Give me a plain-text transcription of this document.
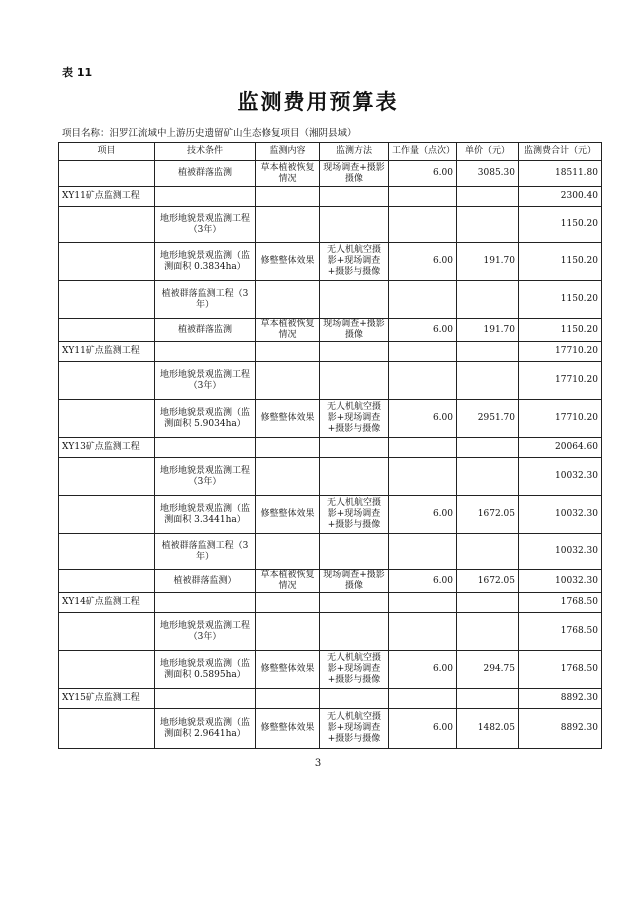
表 11
监测费用预算表
项目名称：汨罗江流域中上游历史遗留矿山生态修复项目（湘阴县域）
项目	技术条件	监测内容	监测方法	工作量（点次）	单价（元）	监测费合计（元）
	植被群落监测	草本植被恢复情况	现场调查+摄影摄像	6.00	3085.30	18511.80
XY11矿点监测工程						2300.40
	地形地貌景观监测工程（3年）					1150.20
	地形地貌景观监测（监测面积 0.3834ha）	修整整体效果	无人机航空摄影+现场调查+摄影与摄像	6.00	191.70	1150.20
	植被群落监测工程（3年）					1150.20
	植被群落监测	草本植被恢复情况	现场调查+摄影摄像	6.00	191.70	1150.20
XY11矿点监测工程						17710.20
	地形地貌景观监测工程（3年）					17710.20
	地形地貌景观监测（监测面积 5.9034ha）	修整整体效果	无人机航空摄影+现场调查+摄影与摄像	6.00	2951.70	17710.20
XY13矿点监测工程						20064.60
	地形地貌景观监测工程（3年）					10032.30
	地形地貌景观监测（监测面积 3.3441ha）	修整整体效果	无人机航空摄影+现场调查+摄影与摄像	6.00	1672.05	10032.30
	植被群落监测工程（3年）					10032.30
	植被群落监测）	草本植被恢复情况	现场调查+摄影摄像	6.00	1672.05	10032.30
XY14矿点监测工程						1768.50
	地形地貌景观监测工程（3年）					1768.50
	地形地貌景观监测（监测面积 0.5895ha）	修整整体效果	无人机航空摄影+现场调查+摄影与摄像	6.00	294.75	1768.50
XY15矿点监测工程						8892.30
	地形地貌景观监测（监测面积 2.9641ha）	修整整体效果	无人机航空摄影+现场调查+摄影与摄像	6.00	1482.05	8892.30
3
